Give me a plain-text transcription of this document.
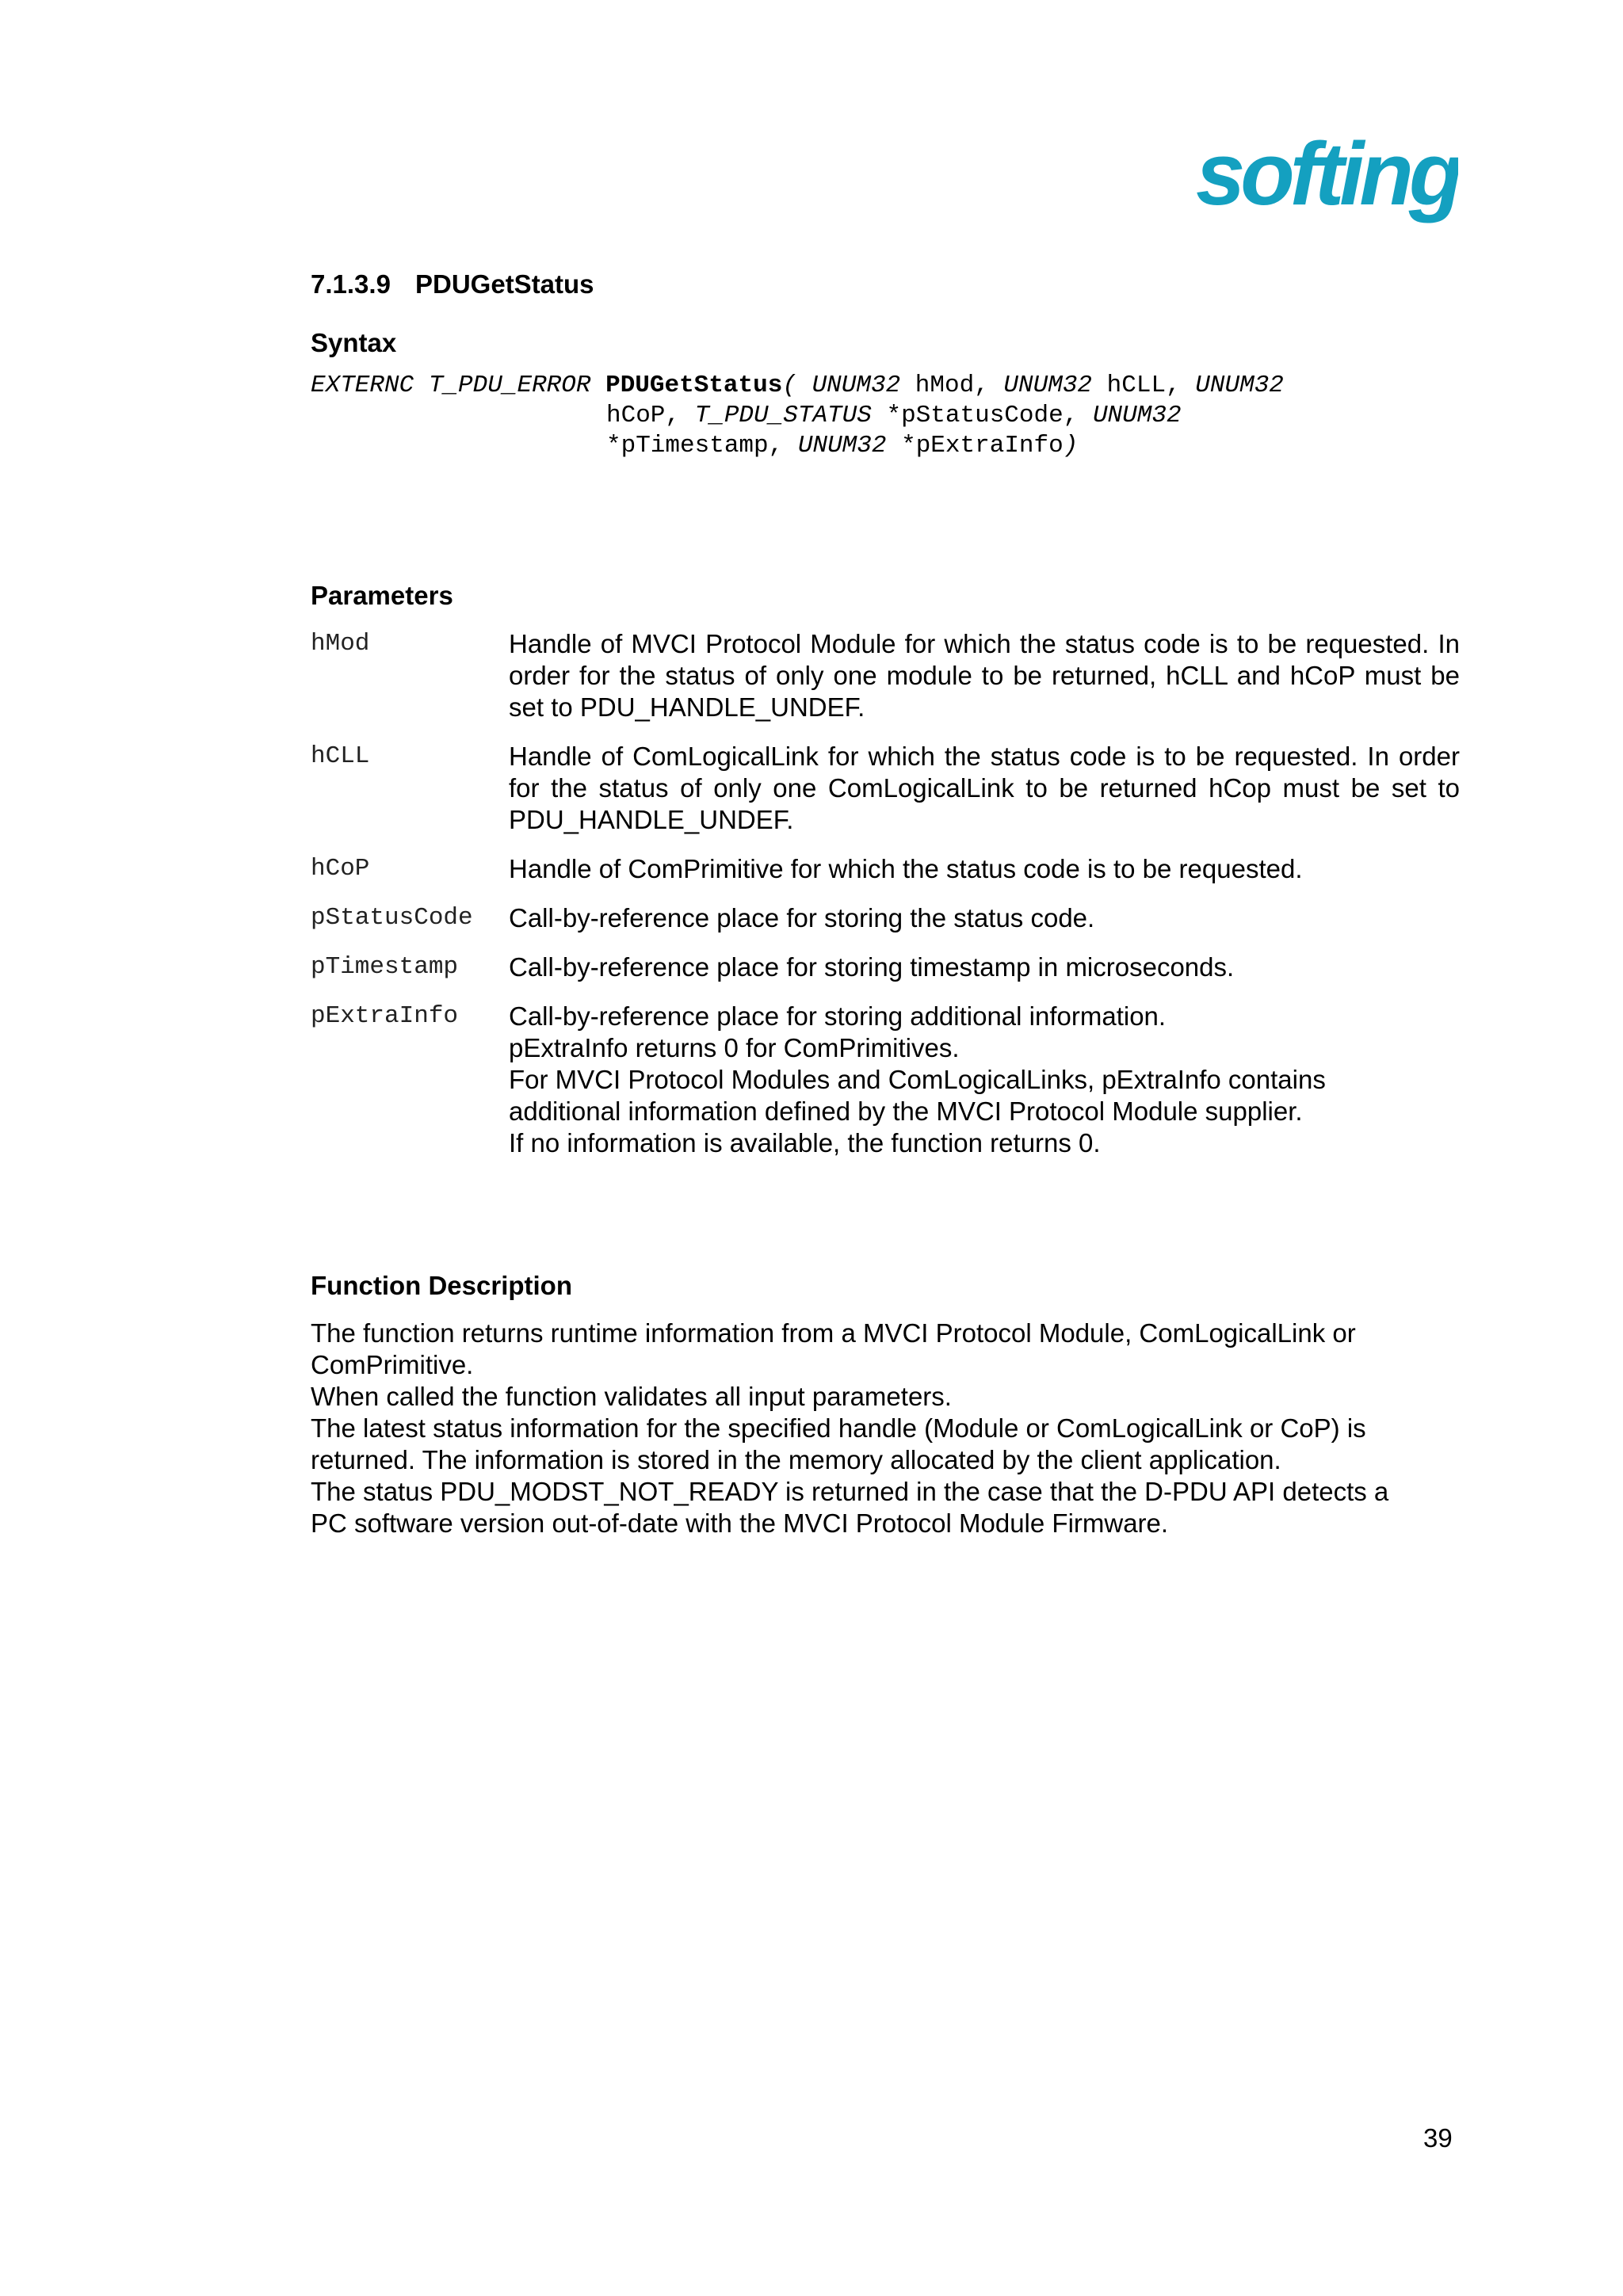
softing
7.1.3.9 PDUGetStatus
Syntax
EXTERNC T_PDU_ERROR PDUGetStatus( UNUM32 hMod, UNUM32 hCLL, UNUM32
hCoP, T_PDU_STATUS *pStatusCode, UNUM32
*pTimestamp, UNUM32 *pExtraInfo)
Parameters
hMod	Handle of MVCI Protocol Module for which the status code is to be requested. In order for the status of only one module to be returned, hCLL and hCoP must be set to PDU_HANDLE_UNDEF.
hCLL	Handle of ComLogicalLink for which the status code is to be requested. In order for the status of only one ComLogicalLink to be returned hCop must be set to PDU_HANDLE_UNDEF.
hCoP	Handle of ComPrimitive for which the status code is to be requested.
pStatusCode Call-by-reference place for storing the status code.
pTimestamp Call-by-reference place for storing timestamp in microseconds.
pExtraInfo Call-by-reference place for storing additional information.
pExtraInfo returns 0 for ComPrimitives.
For MVCI Protocol Modules and ComLogicalLinks, pExtraInfo contains
additional information defined by the MVCI Protocol Module supplier.
If no information is available, the function returns 0.
Function Description
The function returns runtime information from a MVCI Protocol Module, ComLogicalLink or
ComPrimitive.
When called the function validates all input parameters.
The latest status information for the specified handle (Module or ComLogicalLink or CoP) is
returned. The information is stored in the memory allocated by the client application.
The status PDU_MODST_NOT_READY is returned in the case that the D-PDU API detects a
PC software version out-of-date with the MVCI Protocol Module Firmware.
39
